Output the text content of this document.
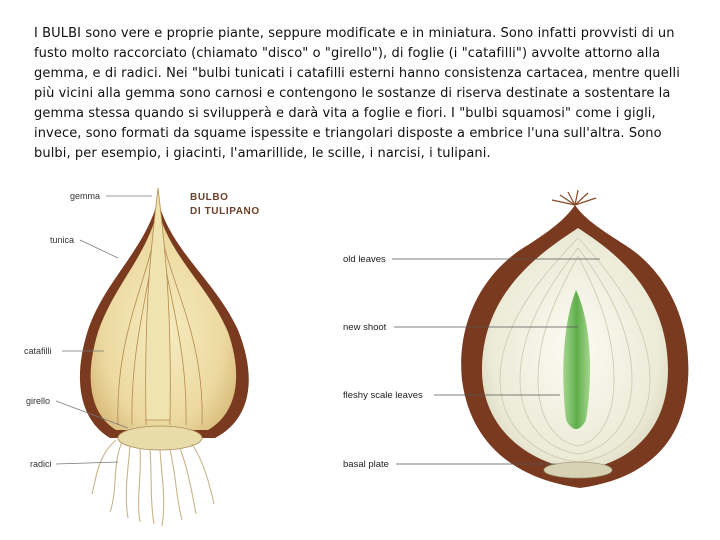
I BULBI sono vere e proprie piante, seppure modificate e in miniatura. Sono infatti provvisti di un fusto molto raccorciato (chiamato "disco" o "girello"), di foglie (i "catafilli") avvolte attorno alla gemma, e di radici. Nei "bulbi tunicati i catafilli esterni hanno consistenza cartacea, mentre quelli più vicini alla gemma sono carnosi e contengono le sostanze di riserva destinate a sostentare la gemma stessa quando si svilupperà e darà vita a foglie e fiori. I "bulbi squamosi" come i gigli, invece, sono formati da squame ispessite e triangolari disposte a embrice l'una sull'altra. Sono bulbi, per esempio, i giacinti, l'amarillide, le scille, i narcisi, i tulipani.

BULBO
DI TULIPANO
gemma
tunica
catafilli
girello
radici
old leaves
new shoot
fleshy scale leaves
basal plate
